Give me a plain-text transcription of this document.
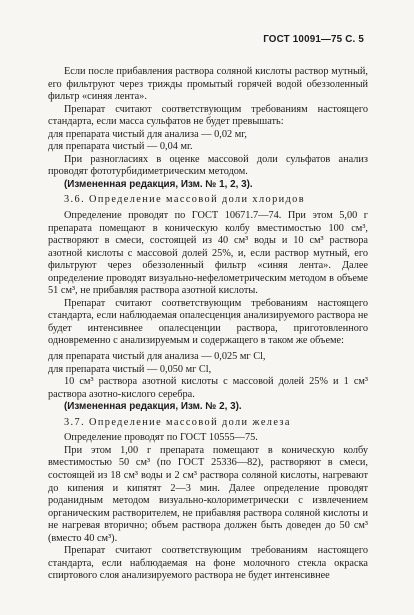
ГОСТ 10091—75 С. 5

Если после прибавления раствора соляной кислоты раствор мутный, его фильтруют через трижды промытый горячей водой обеззоленный фильтр «синяя лента».

Препарат считают соответствующим требованиям настоящего стандарта, если масса сульфатов не будет превышать:

для препарата чистый для анализа — 0,02 мг,

для препарата чистый — 0,04 мг.

При разногласиях в оценке массовой доли сульфатов анализ проводят фототурбидиметрическим методом.

(Измененная редакция, Изм. № 1, 2, 3).

3.6. Определение массовой доли хлоридов

Определение проводят по ГОСТ 10671.7—74. При этом 5,00 г препарата помещают в коническую колбу вместимостью 100 см³, растворяют в смеси, состоящей из 40 см³ воды и 10 см³ раствора азотной кислоты с массовой долей 25%, и, если раствор мутный, его фильтруют через обеззоленный фильтр «синяя лента». Далее определение проводят визуально-нефелометрическим методом в объеме 51 см³, не прибавляя раствора азотной кислоты.

Препарат считают соответствующим требованиям настоящего стандарта, если наблюдаемая опалесценция анализируемого раствора не будет интенсивнее опалесценции раствора, приготовленного одновременно с анализируемым и содержащего в таком же объеме:

для препарата чистый для анализа — 0,025 мг Cl,

для препарата чистый — 0,050 мг Cl,

10 см³ раствора азотной кислоты с массовой долей 25% и 1 см³ раствора азотно-кислого серебра.

(Измененная редакция, Изм. № 2, 3).

3.7. Определение массовой доли железа

Определение проводят по ГОСТ 10555—75.

При этом 1,00 г препарата помещают в коническую колбу вместимостью 50 см³ (по ГОСТ 25336—82), растворяют в смеси, состоящей из 18 см³ воды и 2 см³ раствора соляной кислоты, нагревают до кипения и кипятят 2—3 мин. Далее определение проводят роданидным методом визуально-колориметрически с извлечением органическим растворителем, не прибавляя раствора соляной кислоты и не нагревая вторично; объем раствора должен быть доведен до 50 см³ (вместо 40 см³).

Препарат считают соответствующим требованиям настоящего стандарта, если наблюдаемая на фоне молочного стекла окраска спиртового слоя анализируемого раствора не будет интенсивнее
